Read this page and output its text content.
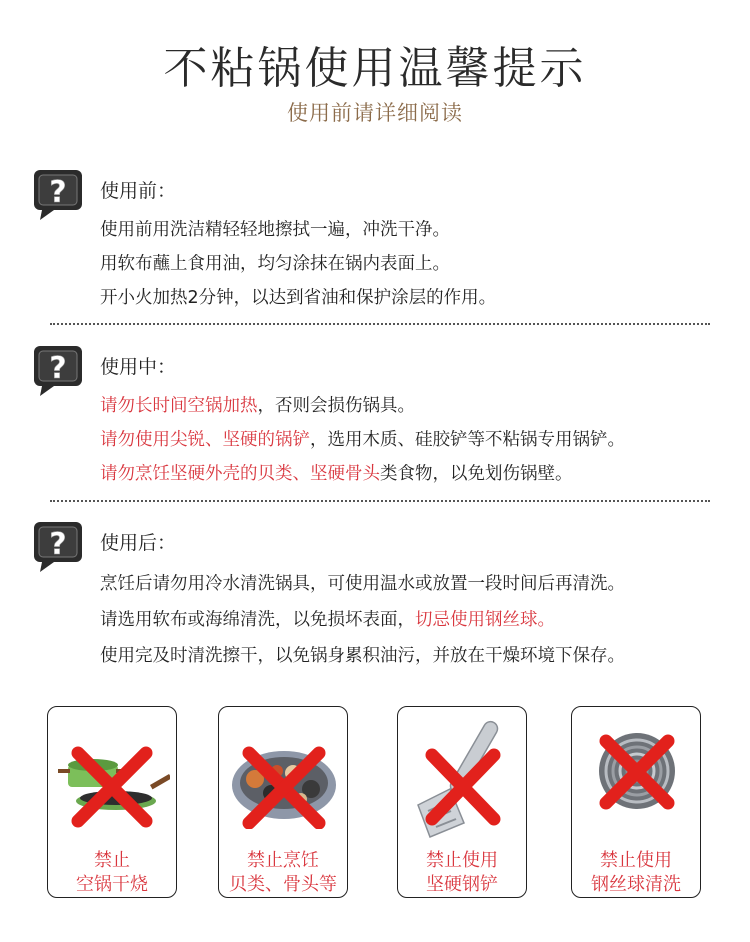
不粘锅使用温馨提示
使用前请详细阅读
? 使用前：
使用前用洗洁精轻轻地擦拭一遍，冲洗干净。
用软布蘸上食用油，均匀涂抹在锅内表面上。
开小火加热2分钟，以达到省油和保护涂层的作用。
? 使用中：
请勿长时间空锅加热，否则会损伤锅具。
请勿使用尖锐、坚硬的锅铲，选用木质、硅胶铲等不粘锅专用锅铲。
请勿烹饪坚硬外壳的贝类、坚硬骨头类食物，以免划伤锅壁。
? 使用后：
烹饪后请勿用冷水清洗锅具，可使用温水或放置一段时间后再清洗。
请选用软布或海绵清洗，以免损坏表面，切忌使用钢丝球。
使用完及时清洗擦干，以免锅身累积油污，并放在干燥环境下保存。
禁止
空锅干烧
禁止烹饪
贝类、骨头等
禁止使用
坚硬钢铲
禁止使用
钢丝球清洗
